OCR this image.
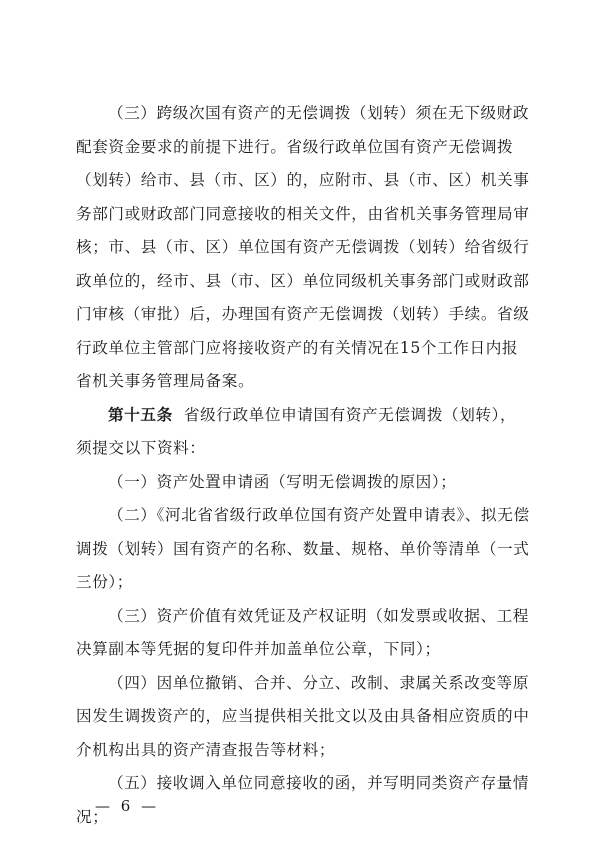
（三）跨级次国有资产的无偿调拨（划转）须在无下级财政
配套资金要求的前提下进行。省级行政单位国有资产无偿调拨
（划转）给市、县（市、区）的，应附市、县（市、区）机关事
务部门或财政部门同意接收的相关文件，由省机关事务管理局审
核；市、县（市、区）单位国有资产无偿调拨（划转）给省级行
政单位的，经市、县（市、区）单位同级机关事务部门或财政部
门审核（审批）后，办理国有资产无偿调拨（划转）手续。省级
行政单位主管部门应将接收资产的有关情况在15个工作日内报
省机关事务管理局备案。
第十五条 省级行政单位申请国有资产无偿调拨（划转），
须提交以下资料：
（一）资产处置申请函（写明无偿调拨的原因）；
（二）《河北省省级行政单位国有资产处置申请表》、拟无偿
调拨（划转）国有资产的名称、数量、规格、单价等清单（一式
三份）；
（三）资产价值有效凭证及产权证明（如发票或收据、工程
决算副本等凭据的复印件并加盖单位公章，下同）；
（四）因单位撤销、合并、分立、改制、隶属关系改变等原
因发生调拨资产的，应当提供相关批文以及由具备相应资质的中
介机构出具的资产清查报告等材料；
（五）接收调入单位同意接收的函，并写明同类资产存量情
况；
— 6 —
